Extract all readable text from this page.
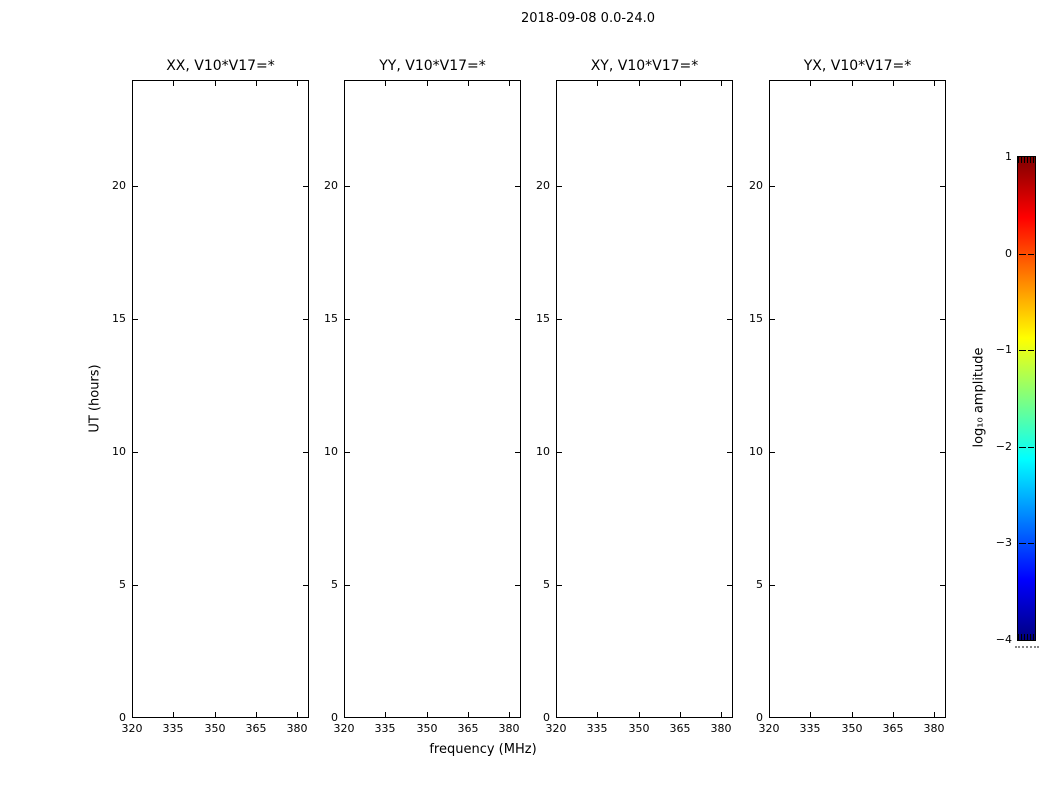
2018-09-08 0.0-24.0
UT (hours)
frequency (MHz)
XX, V10*V17=*
0
5
10
15
20
320	335	350	365	380
YY, V10*V17=*
0
5
10
15
20
320	335	350	365	380
XY, V10*V17=*
0
5
10
15
20
320	335	350	365	380
YX, V10*V17=*
0
5
10
15
20
320	335	350	365	380
1
0
−1
−2
−3
−4
log₁₀ amplitude
